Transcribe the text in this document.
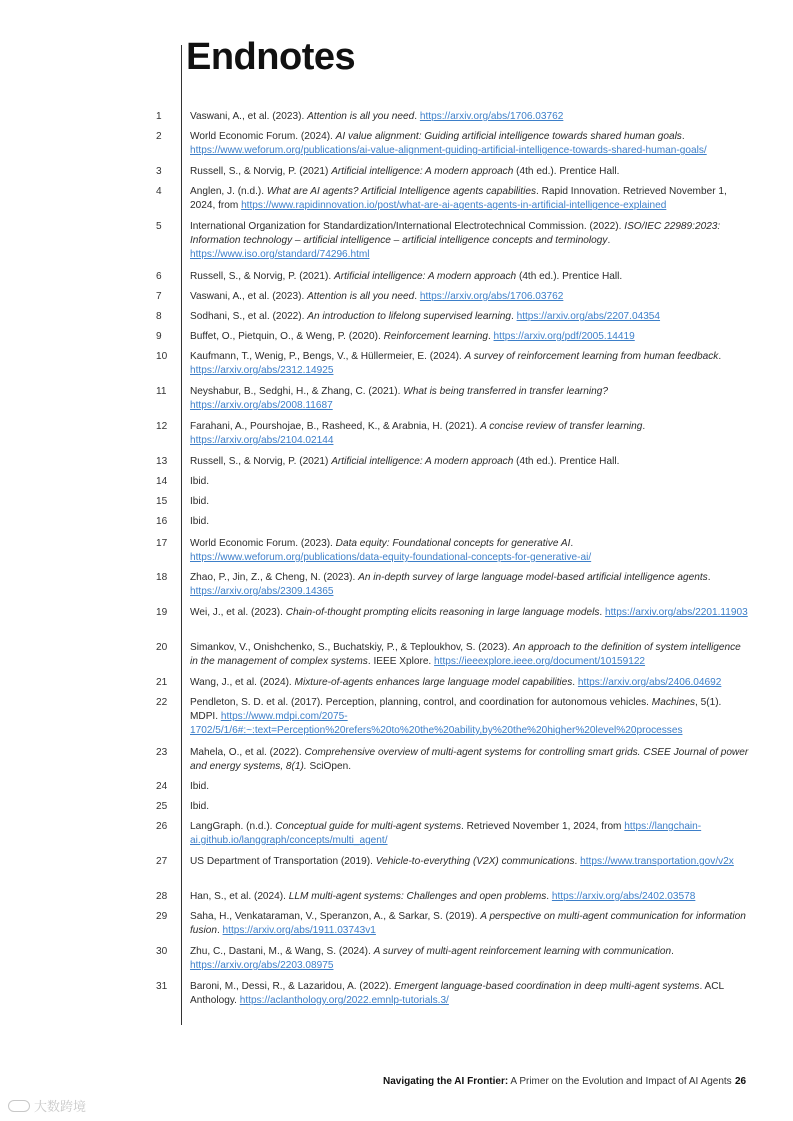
Endnotes
1	Vaswani, A., et al. (2023). Attention is all you need. https://arxiv.org/abs/1706.03762
2	World Economic Forum. (2024). AI value alignment: Guiding artificial intelligence towards shared human goals. https://www.weforum.org/publications/ai-value-alignment-guiding-artificial-intelligence-towards-shared-human-goals/
3	Russell, S., & Norvig, P. (2021) Artificial intelligence: A modern approach (4th ed.). Prentice Hall.
4	Anglen, J. (n.d.). What are AI agents? Artificial Intelligence agents capabilities. Rapid Innovation. Retrieved November 1, 2024, from https://www.rapidinnovation.io/post/what-are-ai-agents-agents-in-artificial-intelligence-explained
5	International Organization for Standardization/International Electrotechnical Commission. (2022). ISO/IEC 22989:2023: Information technology – artificial intelligence – artificial intelligence concepts and terminology. https://www.iso.org/standard/74296.html
6	Russell, S., & Norvig, P. (2021). Artificial intelligence: A modern approach (4th ed.). Prentice Hall.
7	Vaswani, A., et al. (2023). Attention is all you need. https://arxiv.org/abs/1706.03762
8	Sodhani, S., et al. (2022). An introduction to lifelong supervised learning. https://arxiv.org/abs/2207.04354
9	Buffet, O., Pietquin, O., & Weng, P. (2020). Reinforcement learning. https://arxiv.org/pdf/2005.14419
10	Kaufmann, T., Wenig, P., Bengs, V., & Hüllermeier, E. (2024). A survey of reinforcement learning from human feedback. https://arxiv.org/abs/2312.14925
11	Neyshabur, B., Sedghi, H., & Zhang, C. (2021). What is being transferred in transfer learning? https://arxiv.org/abs/2008.11687
12	Farahani, A., Pourshojae, B., Rasheed, K., & Arabnia, H. (2021). A concise review of transfer learning. https://arxiv.org/abs/2104.02144
13	Russell, S., & Norvig, P. (2021) Artificial intelligence: A modern approach (4th ed.). Prentice Hall.
14	Ibid.
15	Ibid.
16	Ibid.
17	World Economic Forum. (2023). Data equity: Foundational concepts for generative AI. https://www.weforum.org/publications/data-equity-foundational-concepts-for-generative-ai/
18	Zhao, P., Jin, Z., & Cheng, N. (2023). An in-depth survey of large language model-based artificial intelligence agents. https://arxiv.org/abs/2309.14365
19	Wei, J., et al. (2023). Chain-of-thought prompting elicits reasoning in large language models. https://arxiv.org/abs/2201.11903
20	Simankov, V., Onishchenko, S., Buchatskiy, P., & Teploukhov, S. (2023). An approach to the definition of system intelligence in the management of complex systems. IEEE Xplore. https://ieeexplore.ieee.org/document/10159122
21	Wang, J., et al. (2024). Mixture-of-agents enhances large language model capabilities. https://arxiv.org/abs/2406.04692
22	Pendleton, S. D. et al. (2017). Perception, planning, control, and coordination for autonomous vehicles. Machines, 5(1). MDPI. https://www.mdpi.com/2075-1702/5/1/6#:~:text=Perception%20refers%20to%20the%20ability,by%20the%20higher%20level%20processes
23	Mahela, O., et al. (2022). Comprehensive overview of multi-agent systems for controlling smart grids. CSEE Journal of power and energy systems, 8(1). SciOpen.
24	Ibid.
25	Ibid.
26	LangGraph. (n.d.). Conceptual guide for multi-agent systems. Retrieved November 1, 2024, from https://langchain-ai.github.io/langgraph/concepts/multi_agent/
27	US Department of Transportation (2019). Vehicle-to-everything (V2X) communications. https://www.transportation.gov/v2x
28	Han, S., et al. (2024). LLM multi-agent systems: Challenges and open problems. https://arxiv.org/abs/2402.03578
29	Saha, H., Venkataraman, V., Speranzon, A., & Sarkar, S. (2019). A perspective on multi-agent communication for information fusion. https://arxiv.org/abs/1911.03743v1
30	Zhu, C., Dastani, M., & Wang, S. (2024). A survey of multi-agent reinforcement learning with communication. https://arxiv.org/abs/2203.08975
31	Baroni, M., Dessi, R., & Lazaridou, A. (2022). Emergent language-based coordination in deep multi-agent systems. ACL Anthology. https://aclanthology.org/2022.emnlp-tutorials.3/
Navigating the AI Frontier: A Primer on the Evolution and Impact of AI Agents 26
大数跨境
